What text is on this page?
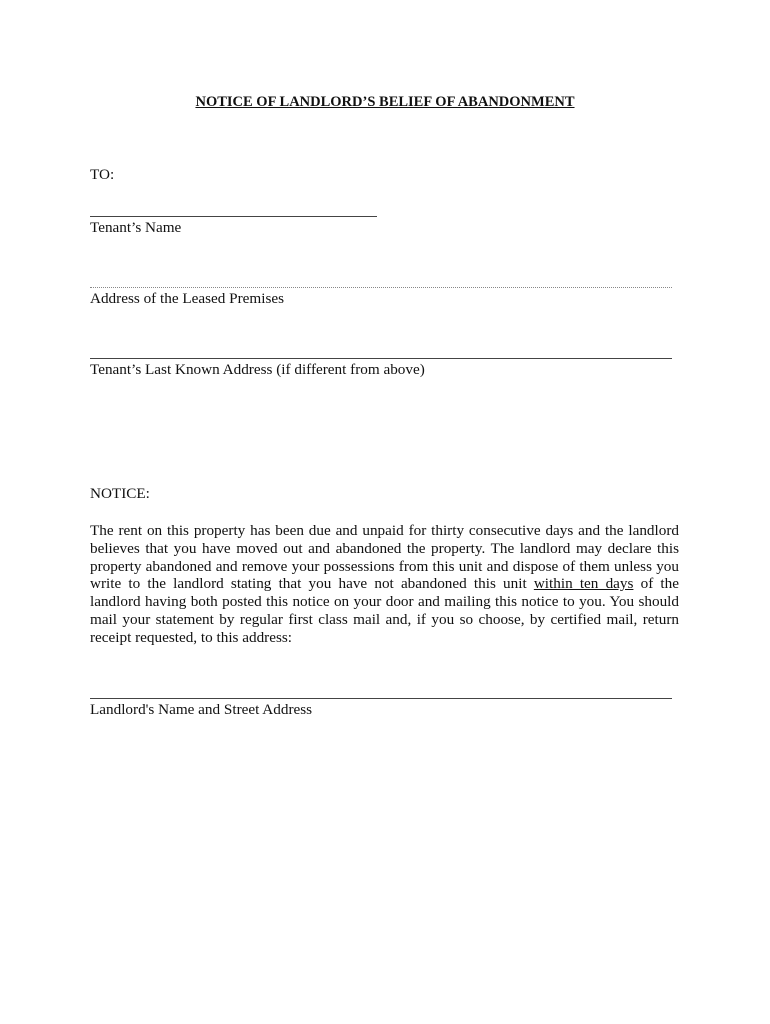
NOTICE OF LANDLORD’S BELIEF OF ABANDONMENT
TO:
Tenant’s Name
Address of the Leased Premises
Tenant’s Last Known Address (if different from above)
NOTICE:
The rent on this property has been due and unpaid for thirty consecutive days and the landlord believes that you have moved out and abandoned the property. The landlord may declare this property abandoned and remove your possessions from this unit and dispose of them unless you write to the landlord stating that you have not abandoned this unit within ten days of the landlord having both posted this notice on your door and mailing this notice to you. You should mail your statement by regular first class mail and, if you so choose, by certified mail, return receipt requested, to this address:
Landlord's Name and Street Address
